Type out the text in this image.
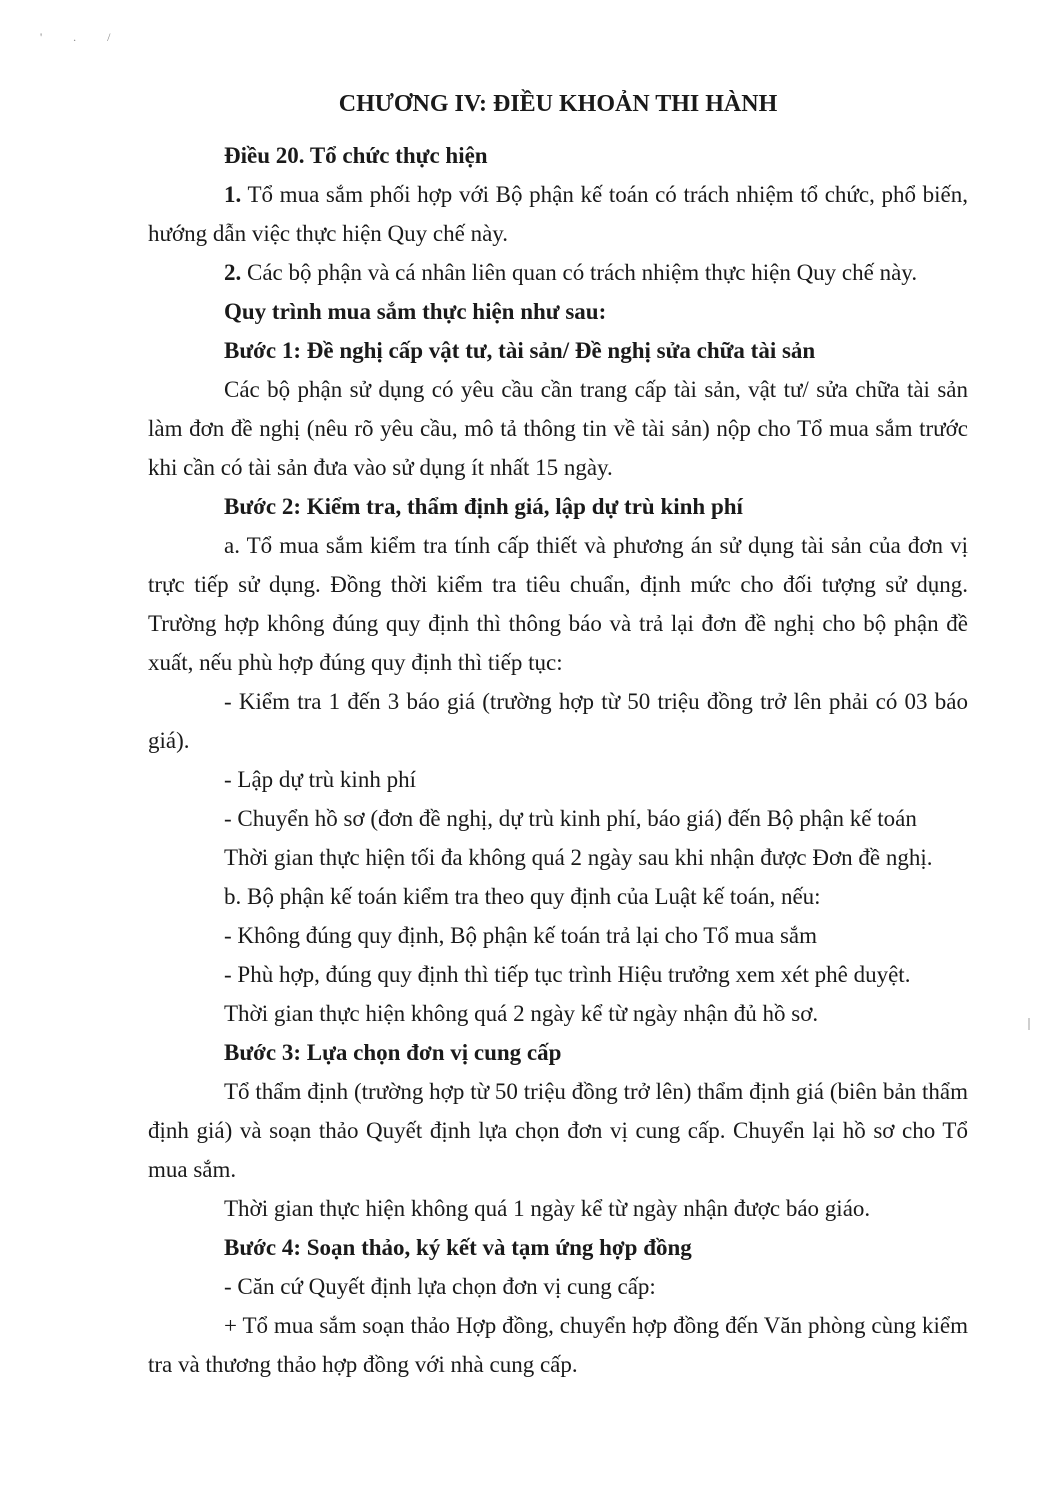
' . /
CHƯƠNG IV: ĐIỀU KHOẢN THI HÀNH

Điều 20. Tổ chức thực hiện

1. Tổ mua sắm phối hợp với Bộ phận kế toán có trách nhiệm tổ chức, phổ biến, hướng dẫn việc thực hiện Quy chế này.

2. Các bộ phận và cá nhân liên quan có trách nhiệm thực hiện Quy chế này.

Quy trình mua sắm thực hiện như sau:

Bước 1: Đề nghị cấp vật tư, tài sản/ Đề nghị sửa chữa tài sản

Các bộ phận sử dụng có yêu cầu cần trang cấp tài sản, vật tư/ sửa chữa tài sản làm đơn đề nghị (nêu rõ yêu cầu, mô tả thông tin về tài sản) nộp cho Tổ mua sắm trước khi cần có tài sản đưa vào sử dụng ít nhất 15 ngày.

Bước 2: Kiểm tra, thẩm định giá, lập dự trù kinh phí

a. Tổ mua sắm kiểm tra tính cấp thiết và phương án sử dụng tài sản của đơn vị trực tiếp sử dụng. Đồng thời kiểm tra tiêu chuẩn, định mức cho đối tượng sử dụng. Trường hợp không đúng quy định thì thông báo và trả lại đơn đề nghị cho bộ phận đề xuất, nếu phù hợp đúng quy định thì tiếp tục:

- Kiểm tra 1 đến 3 báo giá (trường hợp từ 50 triệu đồng trở lên phải có 03 báo giá).

- Lập dự trù kinh phí

- Chuyển hồ sơ (đơn đề nghị, dự trù kinh phí, báo giá) đến Bộ phận kế toán

Thời gian thực hiện tối đa không quá 2 ngày sau khi nhận được Đơn đề nghị.

b. Bộ phận kế toán kiểm tra theo quy định của Luật kế toán, nếu:

- Không đúng quy định, Bộ phận kế toán trả lại cho Tổ mua sắm

- Phù hợp, đúng quy định thì tiếp tục trình Hiệu trưởng xem xét phê duyệt.

Thời gian thực hiện không quá 2 ngày kể từ ngày nhận đủ hồ sơ.

Bước 3: Lựa chọn đơn vị cung cấp

Tổ thẩm định (trường hợp từ 50 triệu đồng trở lên) thẩm định giá (biên bản thẩm định giá) và soạn thảo Quyết định lựa chọn đơn vị cung cấp. Chuyển lại hồ sơ cho Tổ mua sắm.

Thời gian thực hiện không quá 1 ngày kể từ ngày nhận được báo giáo.

Bước 4: Soạn thảo, ký kết và tạm ứng hợp đồng

- Căn cứ Quyết định lựa chọn đơn vị cung cấp:

+ Tổ mua sắm soạn thảo Hợp đồng, chuyển hợp đồng đến Văn phòng cùng kiểm tra và thương thảo hợp đồng với nhà cung cấp.
